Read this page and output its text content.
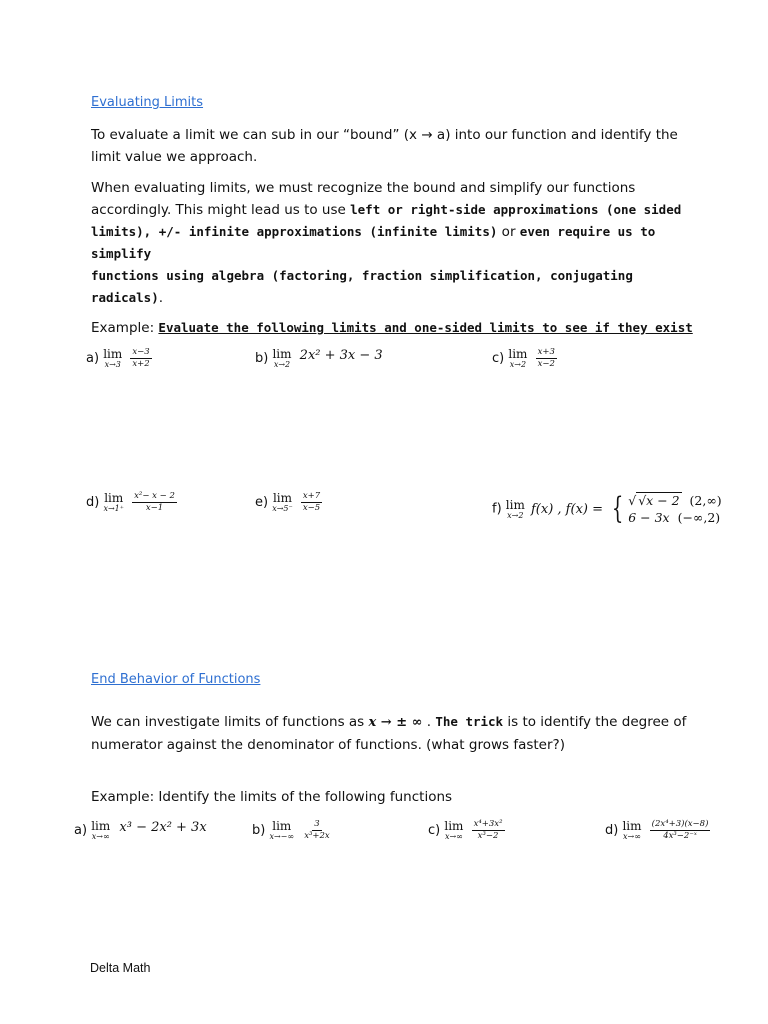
Evaluating Limits
To evaluate a limit we can sub in our “bound” (x → a) into our function and identify the
limit value we approach.
When evaluating limits, we must recognize the bound and simplify our functions
accordingly. This might lead us to use left or right-side approximations (one sided
limits), +/- infinite approximations (infinite limits) or even require us to simplify
functions using algebra (factoring, fraction simplification, conjugating radicals).
Example: Evaluate the following limits and one-sided limits to see if they exist
a) lim
x→3
$\frac{x-3}{x+2}$	b) lim
x→2
2x² + 3x − 3	c) lim
x→2
$\frac{x+3}{x-2}$
d) lim
x→1⁺
$\frac{\text{x²− x − 2}}{x-1}$	e) lim
x→5⁻
$\frac{x+7}{x-5}$	f) lim
x→2 f(x) , f(x) = { √ √x − 2 (2,∞)
6 − 3x (−∞,2)
End Behavior of Functions
We can investigate limits of functions as x → ± ∞ . The trick is to identify the degree of
numerator against the denominator of functions. (what grows faster?)
Example: Identify the limits of the following functions
a) lim
x→∞
x³ − 2x² + 3x	b) lim
x→−∞
$\frac{3}{\text{x³+2x}}$	c) lim
x→∞
$\frac{\text{x⁴+3x²}}{\text{x³−2}}$	d) lim
x→∞
$\frac{\text{(2x⁴+3)(x−8)}}{\text{4x³−2⁻ˣ}}$
Delta Math
